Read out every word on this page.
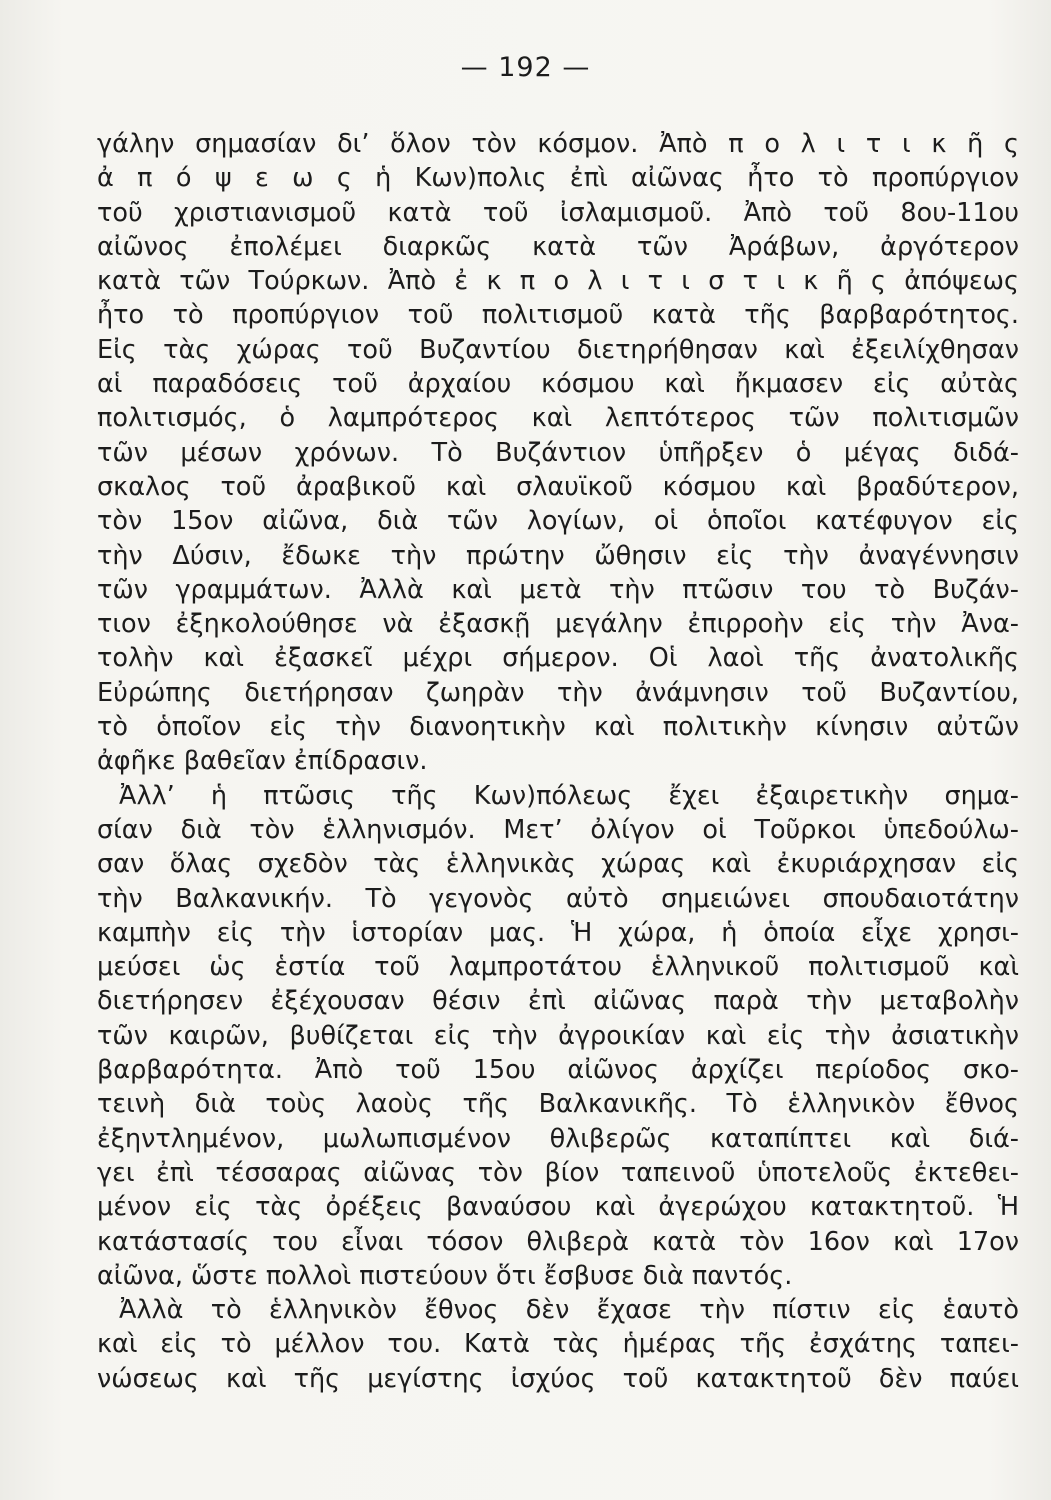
— 192 —
γάλην σημασίαν δι’ ὅλον τὸν κόσμον. Ἀπὸ π ο λ ι τ ι κ ῆ ς
ἀ π ό ψ ε ω ς ἡ Κων)πολις ἐπὶ αἰῶνας ἦτο τὸ προπύργιον
τοῦ χριστιανισμοῦ κατὰ τοῦ ἰσλαμισμοῦ. Ἀπὸ τοῦ 8ου-11ου
αἰῶνος ἐπολέμει διαρκῶς κατὰ τῶν Ἀράβων, ἀργότερον
κατὰ τῶν Τούρκων. Ἀπὸ ἐ κ π ο λ ι τ ι σ τ ι κ ῆ ς ἀπόψεως
ἦτο τὸ προπύργιον τοῦ πολιτισμοῦ κατὰ τῆς βαρβαρότητος.
Εἰς τὰς χώρας τοῦ Βυζαντίου διετηρήθησαν καὶ ἐξειλίχθησαν
αἱ παραδόσεις τοῦ ἀρχαίου κόσμου καὶ ἤκμασεν εἰς αὐτὰς
πολιτισμός, ὁ λαμπρότερος καὶ λεπτότερος τῶν πολιτισμῶν
τῶν μέσων χρόνων. Τὸ Βυζάντιον ὑπῆρξεν ὁ μέγας διδά-
σκαλος τοῦ ἀραβικοῦ καὶ σλαυϊκοῦ κόσμου καὶ βραδύτερον,
τὸν 15ον αἰῶνα, διὰ τῶν λογίων, οἱ ὁποῖοι κατέφυγον εἰς
τὴν Δύσιν, ἔδωκε τὴν πρώτην ὤθησιν εἰς τὴν ἀναγέννησιν
τῶν γραμμάτων. Ἀλλὰ καὶ μετὰ τὴν πτῶσιν του τὸ Βυζάν-
τιον ἐξηκολούθησε νὰ ἐξασκῇ μεγάλην ἐπιρροὴν εἰς τὴν Ἀνα-
τολὴν καὶ ἐξασκεῖ μέχρι σήμερον. Οἱ λαοὶ τῆς ἀνατολικῆς
Εὐρώπης διετήρησαν ζωηρὰν τὴν ἀνάμνησιν τοῦ Βυζαντίου,
τὸ ὁποῖον εἰς τὴν διανοητικὴν καὶ πολιτικὴν κίνησιν αὐτῶν
ἀφῆκε βαθεῖαν ἐπίδρασιν.
Ἀλλ’ ἡ πτῶσις τῆς Κων)πόλεως ἔχει ἐξαιρετικὴν σημα-
σίαν διὰ τὸν ἑλληνισμόν. Μετ’ ὀλίγον οἱ Τοῦρκοι ὑπεδούλω-
σαν ὅλας σχεδὸν τὰς ἑλληνικὰς χώρας καὶ ἐκυριάρχησαν εἰς
τὴν Βαλκανικήν. Τὸ γεγονὸς αὐτὸ σημειώνει σπουδαιοτάτην
καμπὴν εἰς τὴν ἱστορίαν μας. Ἡ χώρα, ἡ ὁποία εἶχε χρησι-
μεύσει ὡς ἑστία τοῦ λαμπροτάτου ἑλληνικοῦ πολιτισμοῦ καὶ
διετήρησεν ἐξέχουσαν θέσιν ἐπὶ αἰῶνας παρὰ τὴν μεταβολὴν
τῶν καιρῶν, βυθίζεται εἰς τὴν ἀγροικίαν καὶ εἰς τὴν ἀσιατικὴν
βαρβαρότητα. Ἀπὸ τοῦ 15ου αἰῶνος ἀρχίζει περίοδος σκο-
τεινὴ διὰ τοὺς λαοὺς τῆς Βαλκανικῆς. Τὸ ἑλληνικὸν ἔθνος
ἐξηντλημένον, μωλωπισμένον θλιβερῶς καταπίπτει καὶ διά-
γει ἐπὶ τέσσαρας αἰῶνας τὸν βίον ταπεινοῦ ὑποτελοῦς ἐκτεθει-
μένον εἰς τὰς ὀρέξεις βαναύσου καὶ ἀγερώχου κατακτητοῦ. Ἡ
κατάστασίς του εἶναι τόσον θλιβερὰ κατὰ τὸν 16ον καὶ 17ον
αἰῶνα, ὥστε πολλοὶ πιστεύουν ὅτι ἔσβυσε διὰ παντός.
Ἀλλὰ τὸ ἑλληνικὸν ἔθνος δὲν ἔχασε τὴν πίστιν εἰς ἑαυτὸ
καὶ εἰς τὸ μέλλον του. Κατὰ τὰς ἡμέρας τῆς ἐσχάτης ταπει-
νώσεως καὶ τῆς μεγίστης ἰσχύος τοῦ κατακτητοῦ δὲν παύει
